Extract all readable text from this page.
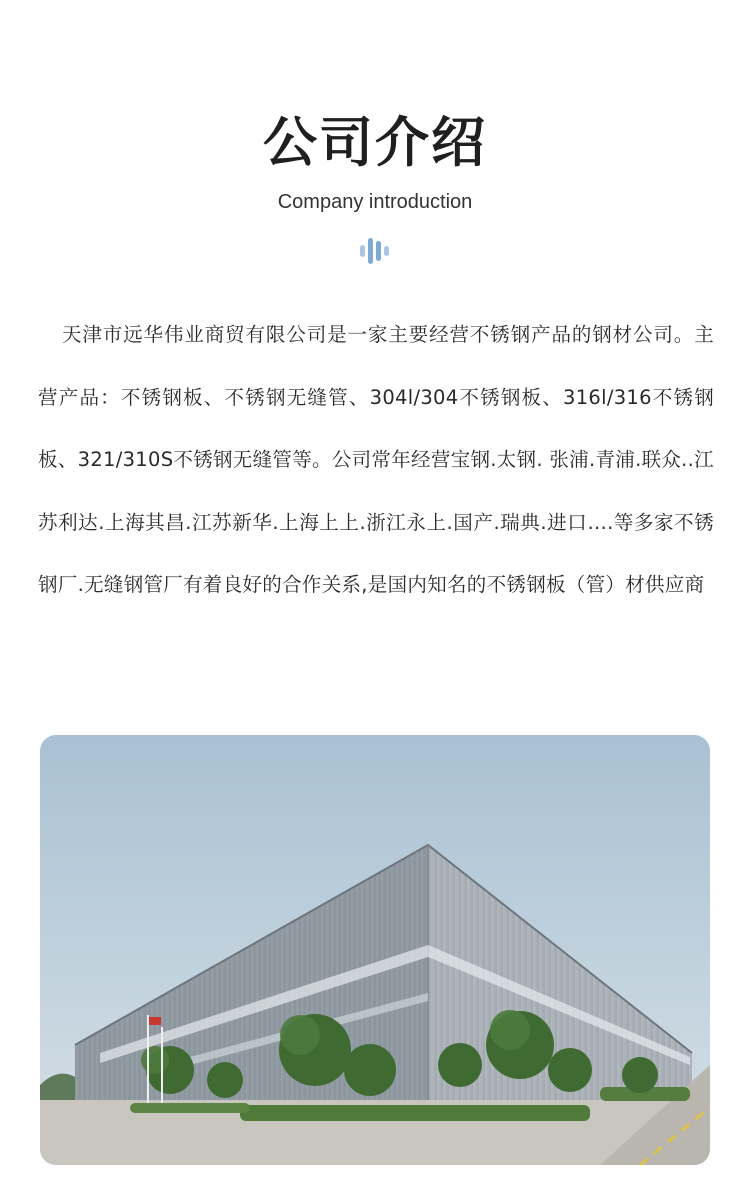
公司介绍
Company introduction
天津市远华伟业商贸有限公司是一家主要经营不锈钢产品的钢材公司。主营产品：不锈钢板、不锈钢无缝管、304l/304不锈钢板、316l/316不锈钢板、321/310S不锈钢无缝管等。公司常年经营宝钢.太钢. 张浦.青浦.联众..江苏利达.上海其昌.江苏新华.上海上上.浙江永上.国产.瑞典.进口….等多家不锈钢厂.无缝钢管厂有着良好的合作关系,是国内知名的不锈钢板（管）材供应商
